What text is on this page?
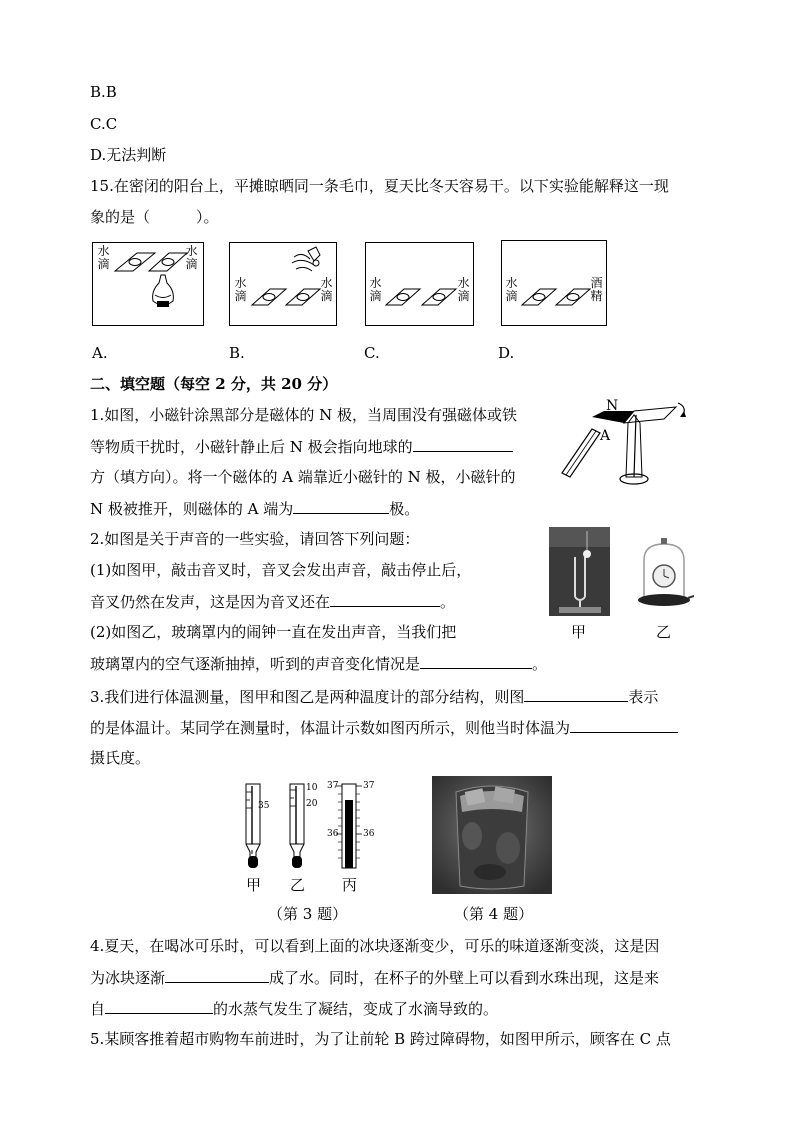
B.B
C.C
D.无法判断
15.在密闭的阳台上，平摊晾晒同一条毛巾，夏天比冬天容易干。以下实验能解释这一现
象的是（	）。
水滴
水滴
水滴
水滴
水滴
水滴
水滴
酒精
A.	B.	C.	D.
二、填空题（每空 2 分，共 20 分）
1.如图，小磁针涂黑部分是磁体的 N 极，当周围没有强磁体或铁
等物质干扰时，小磁针静止后 N 极会指向地球的
方（填方向）。将一个磁体的 A 端靠近小磁针的 N 极，小磁针的
N 极被推开，则磁体的 A 端为	极。
N
A
2.如图是关于声音的一些实验，请回答下列问题：
(1)如图甲，敲击音叉时，音叉会发出声音，敲击停止后，
音叉仍然在发声，这是因为音叉还在	。
(2)如图乙，玻璃罩内的闹钟一直在发出声音，当我们把
玻璃罩内的空气逐渐抽掉，听到的声音变化情况是	。
甲	乙
3.我们进行体温测量，图甲和图乙是两种温度计的部分结构，则图	表示
的是体温计。某同学在测量时，体温计示数如图丙所示，则他当时体温为
摄氏度。
35
10
20
37	37
36	36
甲 乙 丙
（第 3 题）	（第 4 题）
4.夏天，在喝冰可乐时，可以看到上面的冰块逐渐变少，可乐的味道逐渐变淡，这是因
为冰块逐渐	成了水。同时，在杯子的外壁上可以看到水珠出现，这是来
自	的水蒸气发生了凝结，变成了水滴导致的。
5.某顾客推着超市购物车前进时，为了让前轮 B 跨过障碍物，如图甲所示，顾客在 C 点
